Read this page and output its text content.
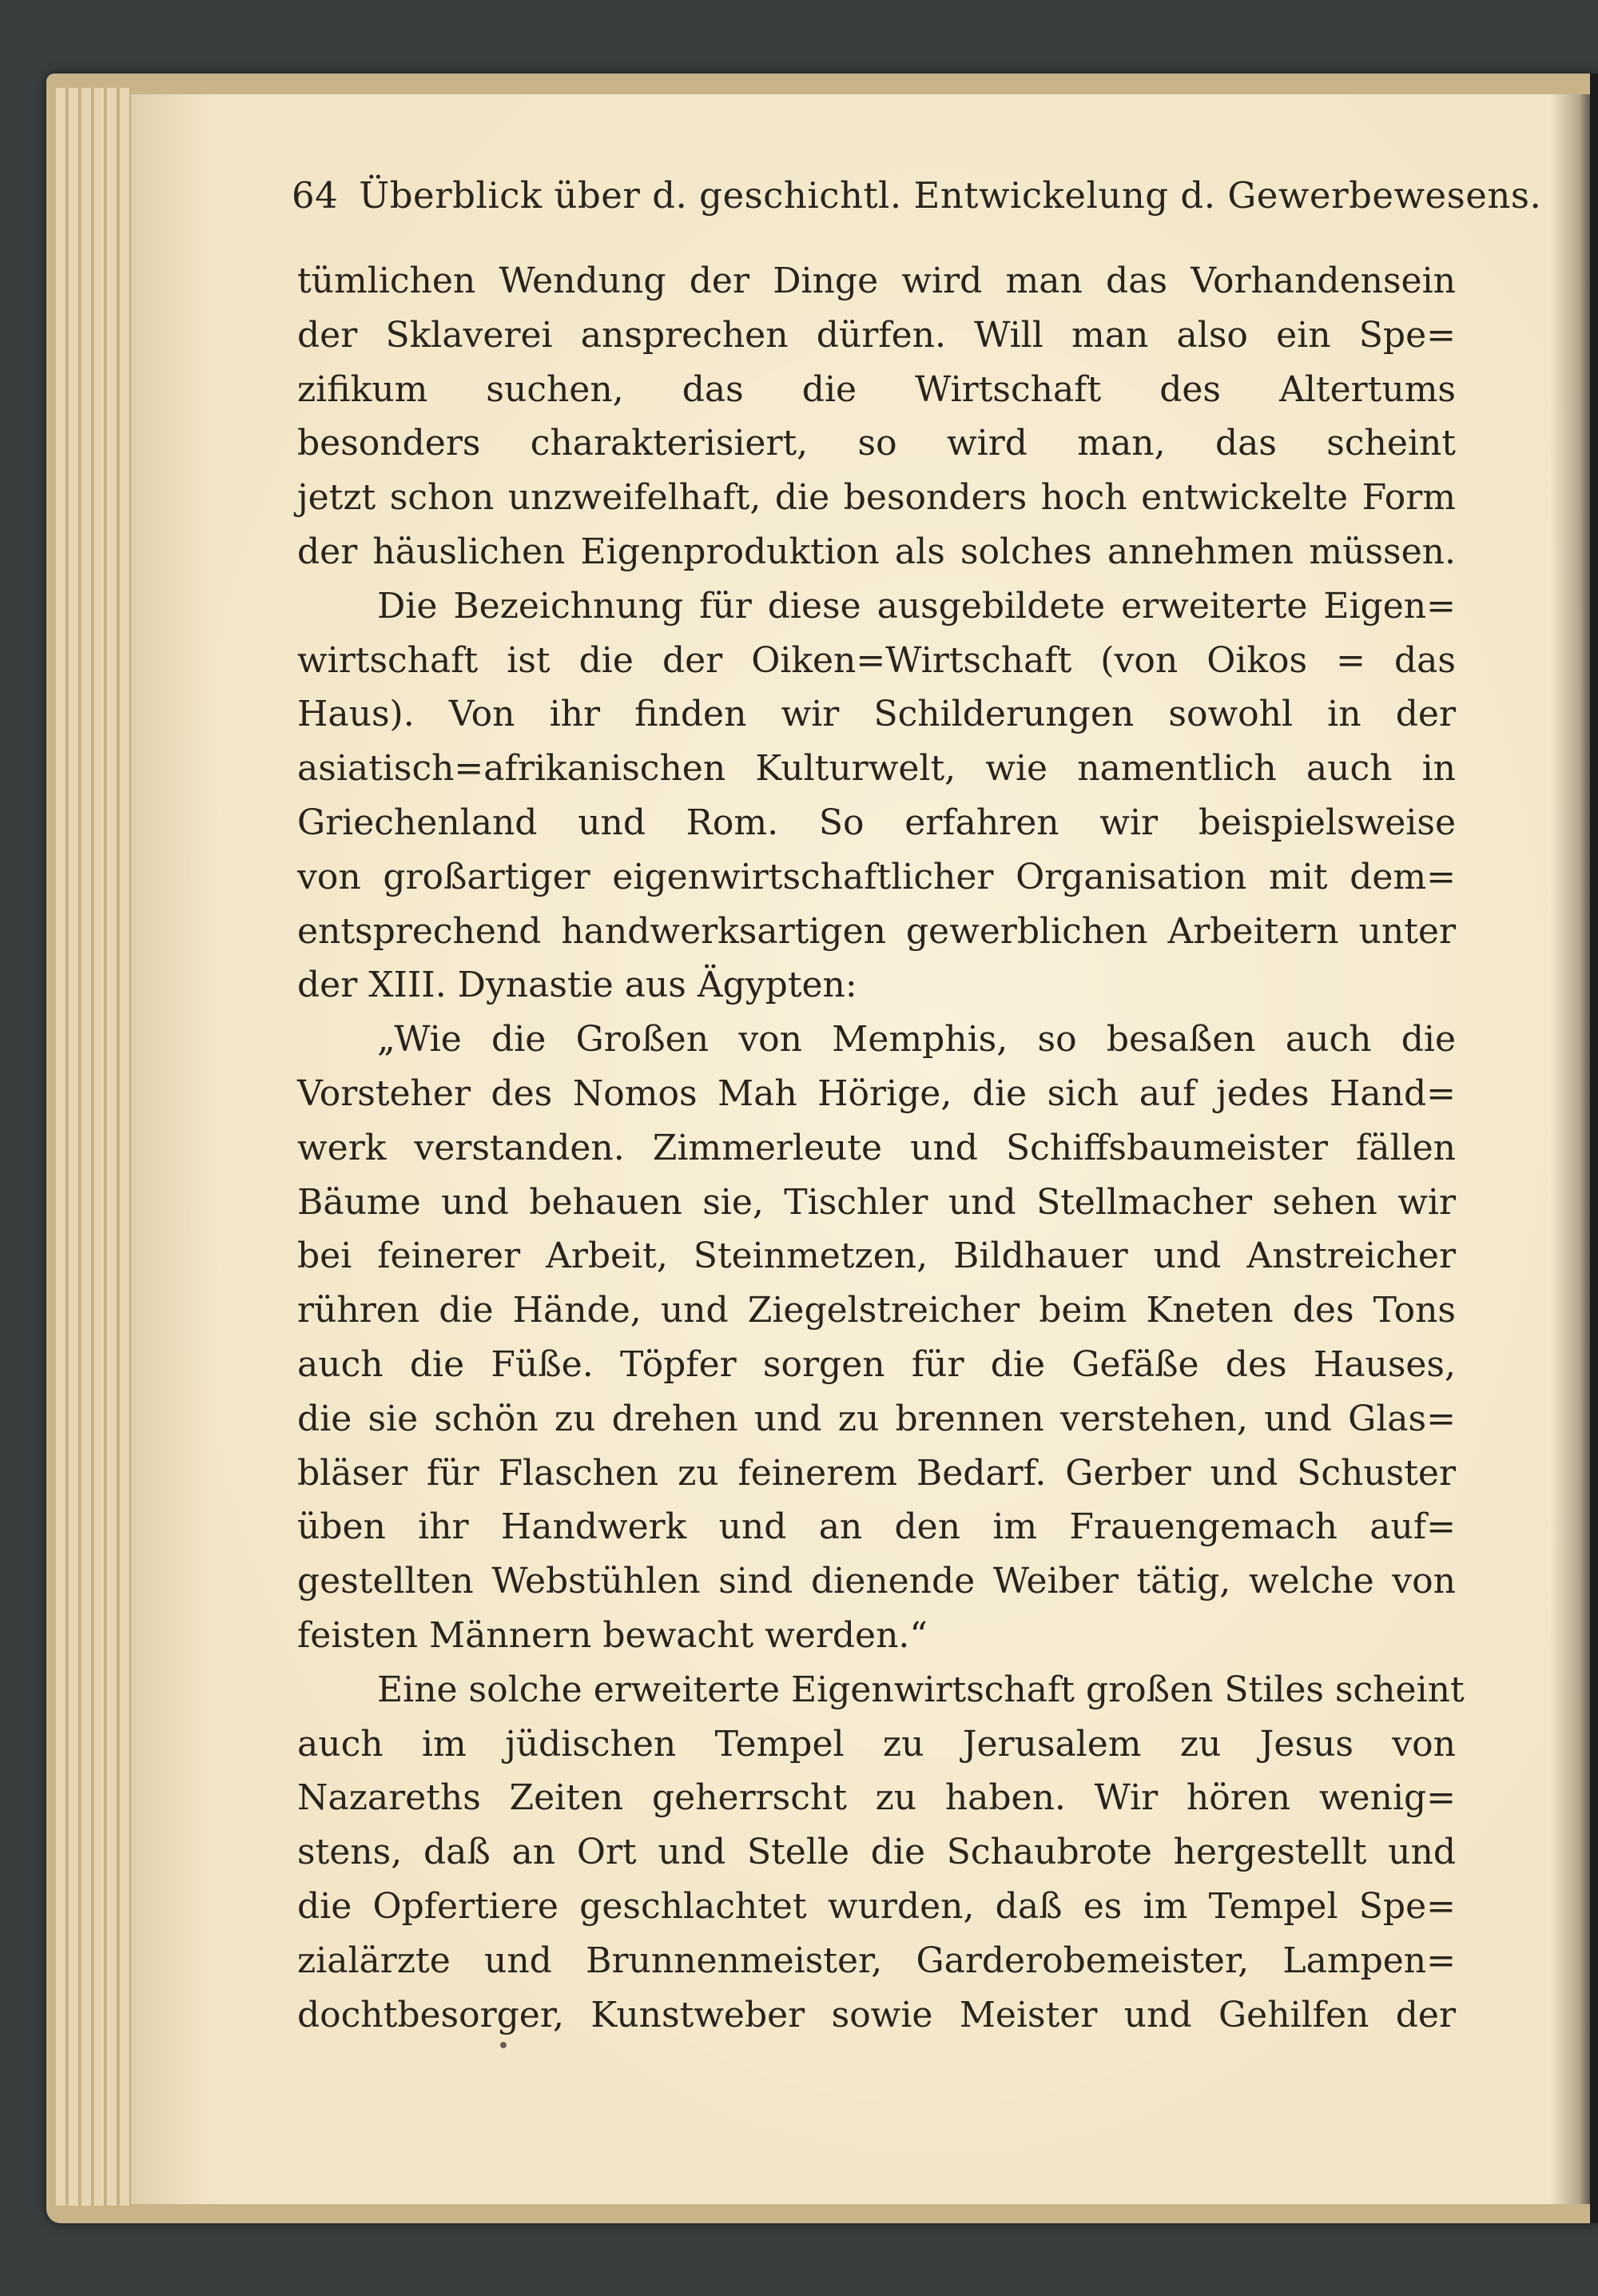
64 Überblick über d. geschichtl. Entwickelung d. Gewerbewesens.
tümlichen Wendung der Dinge wird man das Vorhandensein
der Sklaverei ansprechen dürfen. Will man also ein Spe=
zifikum suchen, das die Wirtschaft des Altertums
besonders charakterisiert, so wird man, das scheint
jetzt schon unzweifelhaft, die besonders hoch entwickelte Form
der häuslichen Eigenproduktion als solches annehmen müssen.
Die Bezeichnung für diese ausgebildete erweiterte Eigen=
wirtschaft ist die der Oiken=Wirtschaft (von Oikos = das
Haus). Von ihr finden wir Schilderungen sowohl in der
asiatisch=afrikanischen Kulturwelt, wie namentlich auch in
Griechenland und Rom. So erfahren wir beispielsweise
von großartiger eigenwirtschaftlicher Organisation mit dem=
entsprechend handwerksartigen gewerblichen Arbeitern unter
der XIII. Dynastie aus Ägypten:
„Wie die Großen von Memphis, so besaßen auch die
Vorsteher des Nomos Mah Hörige, die sich auf jedes Hand=
werk verstanden. Zimmerleute und Schiffsbaumeister fällen
Bäume und behauen sie, Tischler und Stellmacher sehen wir
bei feinerer Arbeit, Steinmetzen, Bildhauer und Anstreicher
rühren die Hände, und Ziegelstreicher beim Kneten des Tons
auch die Füße. Töpfer sorgen für die Gefäße des Hauses,
die sie schön zu drehen und zu brennen verstehen, und Glas=
bläser für Flaschen zu feinerem Bedarf. Gerber und Schuster
üben ihr Handwerk und an den im Frauengemach auf=
gestellten Webstühlen sind dienende Weiber tätig, welche von
feisten Männern bewacht werden.“
Eine solche erweiterte Eigenwirtschaft großen Stiles scheint
auch im jüdischen Tempel zu Jerusalem zu Jesus von
Nazareths Zeiten geherrscht zu haben. Wir hören wenig=
stens, daß an Ort und Stelle die Schaubrote hergestellt und
die Opfertiere geschlachtet wurden, daß es im Tempel Spe=
zialärzte und Brunnenmeister, Garderobemeister, Lampen=
dochtbesorger, Kunstweber sowie Meister und Gehilfen der
